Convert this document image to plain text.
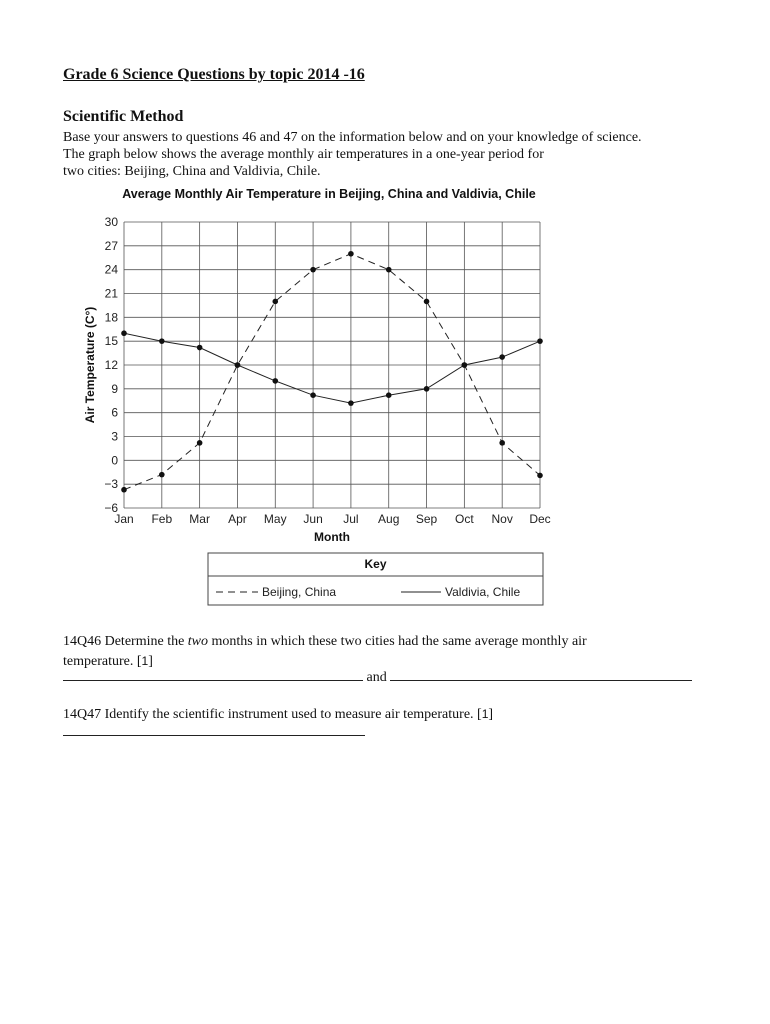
Grade 6 Science Questions by topic 2014 -16
Scientific Method
Base your answers to questions 46 and 47 on the information below and on your knowledge of science.
The graph below shows the average monthly air temperatures in a one-year period for
two cities: Beijing, China and Valdivia, Chile.
Average Monthly Air Temperature in Beijing, China and Valdivia, Chile
30
27
24
21
18
15
12
9
6
3
0
−3
−6
Jan Feb Mar Apr May Jun Jul Aug Sep Oct Nov Dec
Month
Air Temperature (C°)
Key
Beijing, China	Valdivia, Chile
14Q46 Determine the two months in which these two cities had the same average monthly air
temperature. [1]
and
14Q47 Identify the scientific instrument used to measure air temperature. [1]
